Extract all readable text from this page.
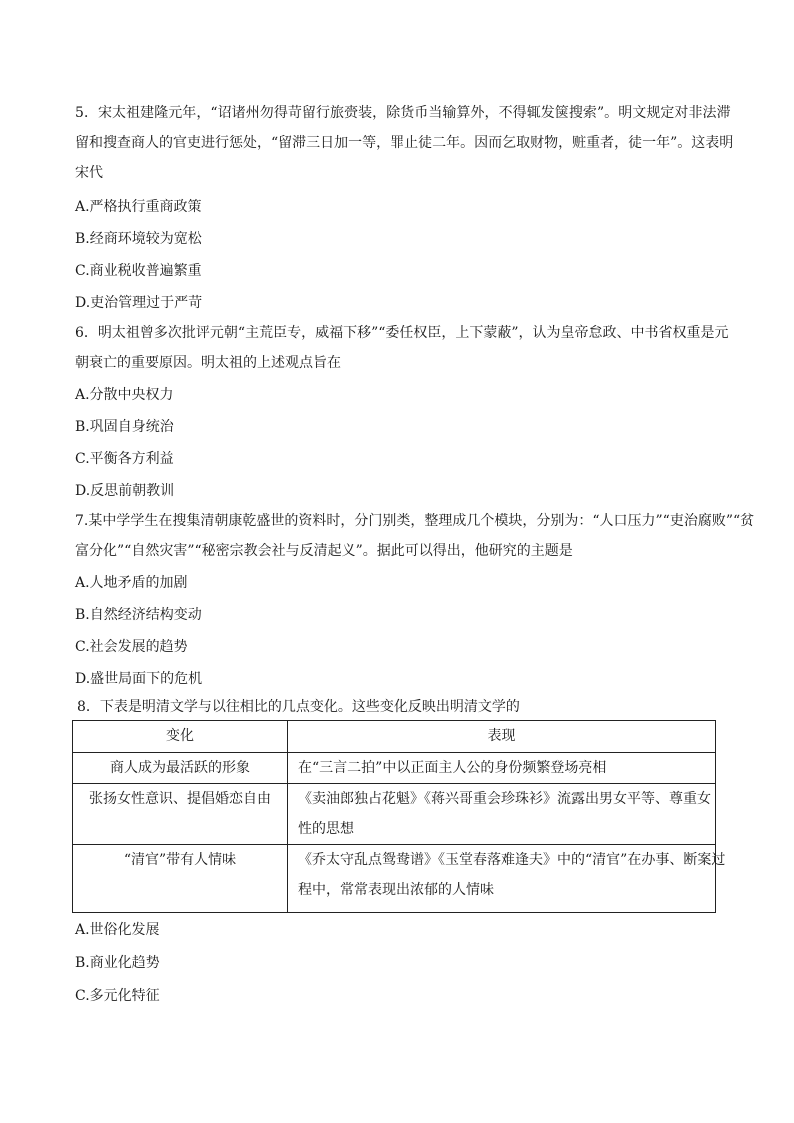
5．宋太祖建隆元年，“诏诸州勿得苛留行旅赍装，除货币当输算外，不得辄发箧搜索”。明文规定对非法滞
留和搜查商人的官吏进行惩处，“留滞三日加一等，罪止徒二年。因而乞取财物，赃重者，徒一年”。这表明
宋代
A.严格执行重商政策
B.经商环境较为宽松
C.商业税收普遍繁重
D.吏治管理过于严苛
6．明太祖曾多次批评元朝“主荒臣专，威福下移”“委任权臣，上下蒙蔽”，认为皇帝怠政、中书省权重是元
朝衰亡的重要原因。明太祖的上述观点旨在
A.分散中央权力
B.巩固自身统治
C.平衡各方利益
D.反思前朝教训
7.某中学学生在搜集清朝康乾盛世的资料时，分门别类，整理成几个模块，分别为：“人口压力”“吏治腐败”“贫
富分化”“自然灾害”“秘密宗教会社与反清起义”。据此可以得出，他研究的主题是
A.人地矛盾的加剧
B.自然经济结构变动
C.社会发展的趋势
D.盛世局面下的危机
8．下表是明清文学与以往相比的几点变化。这些变化反映出明清文学的
变化	表现

商人成为最活跃的形象	在“三言二拍”中以正面主人公的身份频繁登场亮相

张扬女性意识、提倡婚恋自由	《卖油郎独占花魁》《蒋兴哥重会珍珠衫》流露出男女平等、尊重女
性的思想

“清官”带有人情味	《乔太守乱点鸳鸯谱》《玉堂春落难逢夫》中的“清官”在办事、断案过
程中，常常表现出浓郁的人情味
A.世俗化发展
B.商业化趋势
C.多元化特征
